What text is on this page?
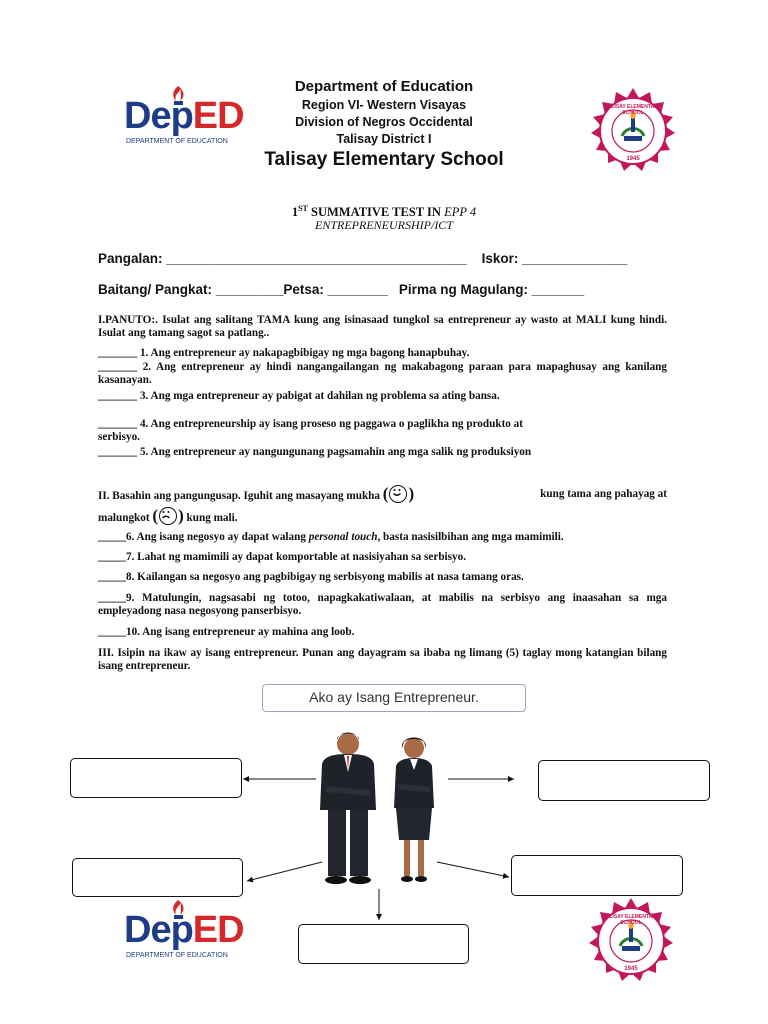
DepED
DEPARTMENT OF EDUCATION
Department of Education
Region VI- Western Visayas
Division of Negros Occidental
Talisay District I
Talisay Elementary School
TALISAY ELEMENTARY SCHOOL
1945
1ST SUMMATIVE TEST IN EPP 4
ENTREPRENEURSHIP/ICT
Pangalan: ________________________________________    Iskor: ______________
Baitang/ Pangkat: _________Petsa: ________   Pirma ng Magulang: _______
I.PANUTO:. Isulat ang salitang TAMA kung ang isinasaad tungkol sa entrepreneur ay wasto at MALI kung hindi. Isulat ang tamang sagot sa patlang..
_______ 1. Ang entrepreneur ay nakapagbibigay ng mga bagong hanapbuhay.
_______ 2. Ang entrepreneur ay hindi nangangailangan ng makabagong paraan para mapaghusay ang kanilang kasanayan.
_______ 3. Ang mga entrepreneur ay pabigat at dahilan ng problema sa ating bansa.
_______ 4. Ang entrepreneurship ay isang proseso ng paggawa o paglikha ng produkto at serbisyo.
_______ 5. Ang entrepreneur ay nangungunang pagsamahin ang mga salik ng produksiyon
II. Basahin ang pangungusap. Iguhit ang masayang mukha ( )	kung tama ang pahayag at
malungkot ( ) kung mali.
_____6. Ang isang negosyo ay dapat walang personal touch, basta nasisilbihan ang mga mamimili.
_____7. Lahat ng mamimili ay dapat komportable at nasisiyahan sa serbisyo.
_____8. Kailangan sa negosyo ang pagbibigay ng serbisyong mabilis at nasa tamang oras.
_____9. Matulungin, nagsasabi ng totoo, napagkakatiwalaan, at mabilis na serbisyo ang inaasahan sa mga empleyadong nasa negosyong panserbisyo.
_____10. Ang isang entrepreneur ay mahina ang loob.
III. Isipin na ikaw ay isang entrepreneur. Punan ang dayagram sa ibaba ng limang (5) taglay mong katangian bilang isang entrepreneur.
Ako ay Isang Entrepreneur.
DepED
DEPARTMENT OF EDUCATION
TALISAY ELEMENTARY SCHOOL
1945
